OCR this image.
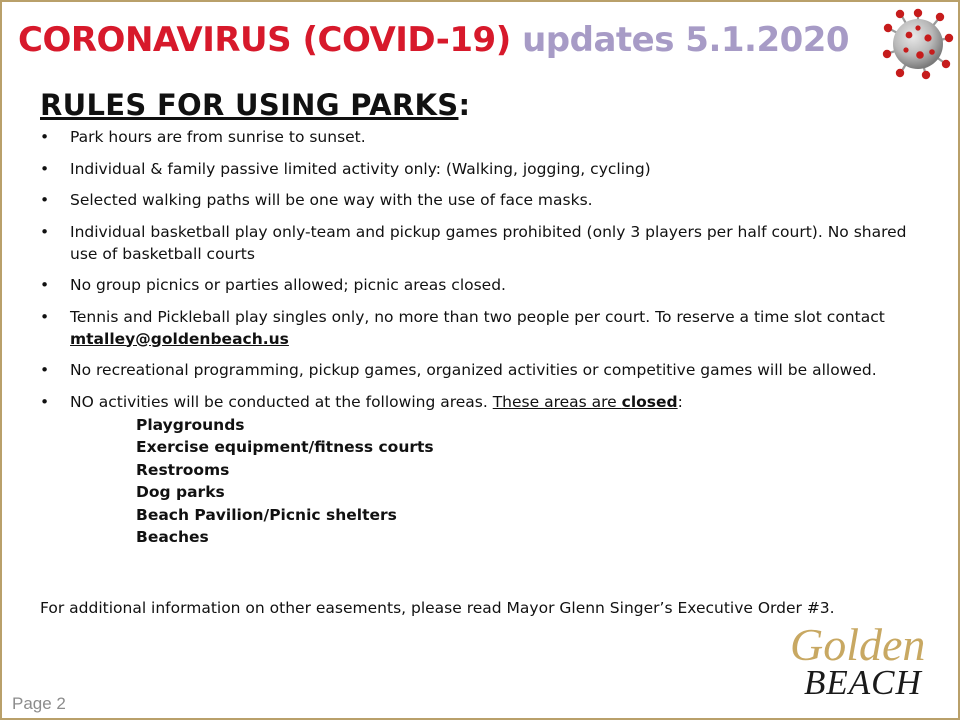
CORONAVIRUS (COVID-19) updates 5.1.2020
RULES FOR USING PARKS:
• Park hours are from sunrise to sunset.
• Individual & family passive limited activity only: (Walking, jogging, cycling)
• Selected walking paths will be one way with the use of face masks.
• Individual basketball play only-team and pickup games prohibited (only 3 players per half court). No shared use of basketball courts
• No group picnics or parties allowed; picnic areas closed.
• Tennis and Pickleball play singles only, no more than two people per court. To reserve a time slot contact mtalley@goldenbeach.us
• No recreational programming, pickup games, organized activities or competitive games will be allowed.
• NO activities will be conducted at the following areas. These areas are closed:
Playgrounds
Exercise equipment/fitness courts
Restrooms
Dog parks
Beach Pavilion/Picnic shelters
Beaches
For additional information on other easements, please read Mayor Glenn Singer’s Executive Order #3.
Golden
BEACH
Page 2
